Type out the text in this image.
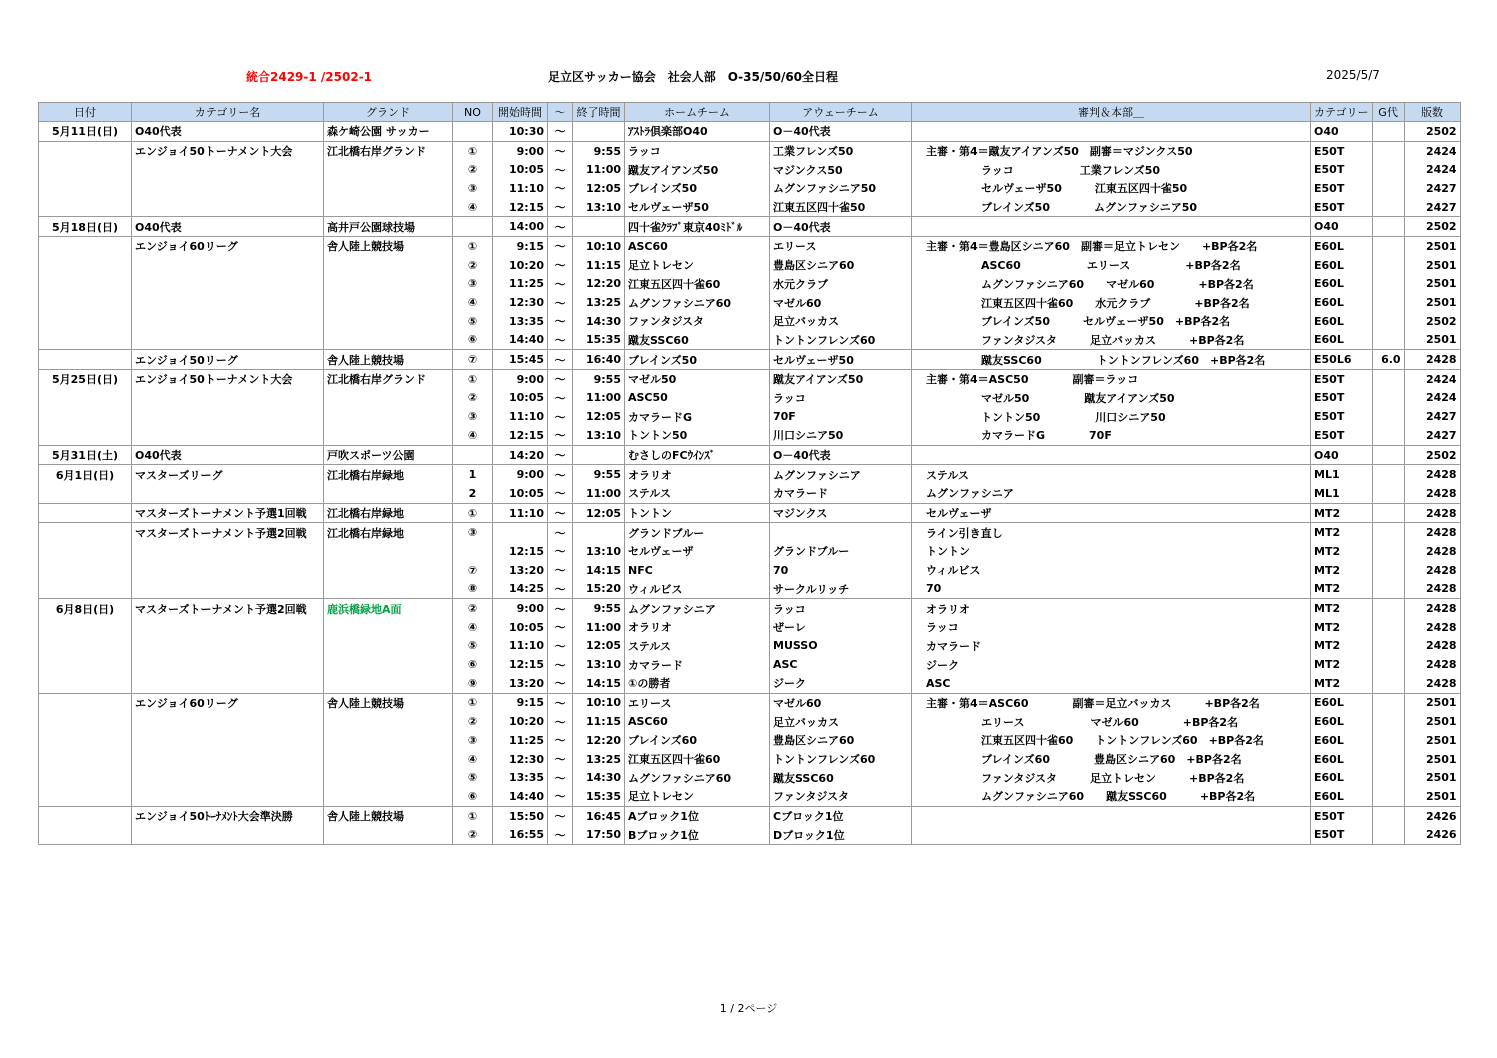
統合2429-1 /2502-1	足立区サッカー協会　社会人部　O-35/50/60全日程	2025/5/7
日付	カテゴリー名	グランド	NO	開始時間	～	終了時間	ホームチーム	アウェーチーム	審判＆本部＿	カテゴリー	G代	版数
5月11日(日)	O40代表	森ケ崎公園 サッカー		10:30	～		ｱｽﾄﾗ倶楽部O40	O－40代表		O40		2502
	エンジョイ50トーナメント大会	江北橋右岸グランド	①	9:00	～	9:55	ラッコ	工業フレンズ50	主審・第4＝蹴友アイアンズ50　副審＝マジンクス50	E50T		2424
			②	10:05	～	11:00	蹴友アイアンズ50	マジンクス50	　　　　　ラッコ　　　　　　工業フレンズ50	E50T		2424
			③	11:10	～	12:05	ブレインズ50	ムグンファシニア50	　　　　　セルヴェーザ50　　　江東五区四十雀50	E50T		2427
			④	12:15	～	13:10	セルヴェーザ50	江東五区四十雀50	　　　　　ブレインズ50　　　　ムグンファシニア50	E50T		2427
5月18日(日)	O40代表	高井戸公園球技場		14:00	～		四十雀ｸﾗﾌﾞ東京40ﾐﾄﾞﾙ	O－40代表		O40		2502
	エンジョイ60リーグ	舎人陸上競技場	①	9:15	～	10:10	ASC60	エリース	主審・第4＝豊島区シニア60　副審＝足立トレセン　　+BP各2名	E60L		2501
			②	10:20	～	11:15	足立トレセン	豊島区シニア60	　　　　　ASC60　　　　　　エリース　　　　　+BP各2名	E60L		2501
			③	11:25	～	12:20	江東五区四十雀60	水元クラブ	　　　　　ムグンファシニア60　　マゼル60　　　　+BP各2名	E60L		2501
			④	12:30	～	13:25	ムグンファシニア60	マゼル60	　　　　　江東五区四十雀60　　水元クラブ　　　　+BP各2名	E60L		2501
			⑤	13:35	～	14:30	ファンタジスタ	足立バッカス	　　　　　ブレインズ50　　　セルヴェーザ50　+BP各2名	E60L		2502
			⑥	14:40	～	15:35	蹴友SSC60	トントンフレンズ60	　　　　　ファンタジスタ　　　足立バッカス　　　+BP各2名	E60L		2501
	エンジョイ50リーグ	舎人陸上競技場	⑦	15:45	～	16:40	ブレインズ50	セルヴェーザ50	　　　　　蹴友SSC60　　　　　トントンフレンズ60　+BP各2名	E50L6	6.0	2428
5月25日(日)	エンジョイ50トーナメント大会	江北橋右岸グランド	①	9:00	～	9:55	マゼル50	蹴友アイアンズ50	主審・第4＝ASC50　　　　副審＝ラッコ	E50T		2424
			②	10:05	～	11:00	ASC50	ラッコ	　　　　　マゼル50　　　　　蹴友アイアンズ50	E50T		2424
			③	11:10	～	12:05	カマラードG	70F	　　　　　トントン50　　　　　川口シニア50	E50T		2427
			④	12:15	～	13:10	トントン50	川口シニア50	　　　　　カマラードG　　　　70F	E50T		2427
5月31日(土)	O40代表	戸吹スポーツ公園		14:20	～		むさしのFCｳｲﾝｽﾞ	O－40代表		O40		2502
6月1日(日)	マスターズリーグ	江北橋右岸緑地	1	9:00	～	9:55	オラリオ	ムグンファシニア	ステルス	ML1		2428
			2	10:05	～	11:00	ステルス	カマラード	ムグンファシニア	ML1		2428
	マスターズトーナメント予選1回戦	江北橋右岸緑地	①	11:10	～	12:05	トントン	マジンクス	セルヴェーザ	MT2		2428
	マスターズトーナメント予選2回戦	江北橋右岸緑地	③		～		グランドブルー		ライン引き直し	MT2		2428
				12:15	～	13:10	セルヴェーザ	グランドブルー	トントン	MT2		2428
			⑦	13:20	～	14:15	NFC	70	ウィルビス	MT2		2428
			⑧	14:25	～	15:20	ウィルビス	サークルリッチ	70	MT2		2428
6月8日(日)	マスターズトーナメント予選2回戦	鹿浜橋緑地A面	②	9:00	～	9:55	ムグンファシニア	ラッコ	オラリオ	MT2		2428
			④	10:05	～	11:00	オラリオ	ぜーレ	ラッコ	MT2		2428
			⑤	11:10	～	12:05	ステルス	MUSSO	カマラード	MT2		2428
			⑥	12:15	～	13:10	カマラード	ASC	ジーク	MT2		2428
			⑨	13:20	～	14:15	①の勝者	ジーク	ASC	MT2		2428
	エンジョイ60リーグ	舎人陸上競技場	①	9:15	～	10:10	エリース	マゼル60	主審・第4＝ASC60　　　　副審＝足立バッカス　　　+BP各2名	E60L		2501
			②	10:20	～	11:15	ASC60	足立バッカス	　　　　　エリース　　　　　　マゼル60　　　　+BP各2名	E60L		2501
			③	11:25	～	12:20	ブレインズ60	豊島区シニア60	　　　　　江東五区四十雀60　　トントンフレンズ60　+BP各2名	E60L		2501
			④	12:30	～	13:25	江東五区四十雀60	トントンフレンズ60	　　　　　ブレインズ60　　　　豊島区シニア60　+BP各2名	E60L		2501
			⑤	13:35	～	14:30	ムグンファシニア60	蹴友SSC60	　　　　　ファンタジスタ　　　足立トレセン　　　+BP各2名	E60L		2501
			⑥	14:40	～	15:35	足立トレセン	ファンタジスタ	　　　　　ムグンファシニア60　　蹴友SSC60　　　+BP各2名	E60L		2501
	エンジョイ50ﾄｰﾅﾒﾝﾄ大会準決勝	舎人陸上競技場	①	15:50	～	16:45	Aブロック1位	Cブロック1位		E50T		2426
			②	16:55	～	17:50	Bブロック1位	Dブロック1位		E50T		2426
1 / 2ページ
